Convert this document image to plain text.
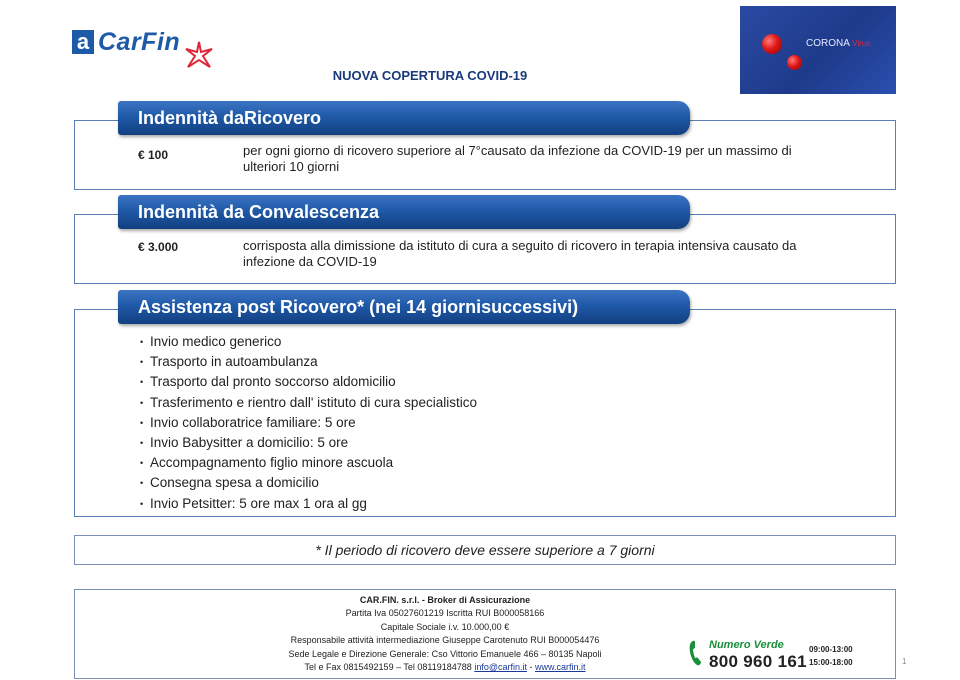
a CarFin
NUOVA COPERTURA COVID-19
CORONA Virus
Indennità daRicovero
€ 100	per ogni giorno di ricovero superiore al 7°causato da infezione da COVID-19 per un massimo di ulteriori 10 giorni
Indennità da Convalescenza
€ 3.000	corrisposta alla dimissione da istituto di cura a seguito di ricovero in terapia intensiva causato da infezione da COVID-19
Assistenza post Ricovero* (nei 14 giornisuccessivi)
• Invio medico generico
• Trasporto in autoambulanza
• Trasporto dal pronto soccorso aldomicilio
• Trasferimento e rientro dall' istituto di cura specialistico
• Invio collaboratrice familiare: 5 ore
• Invio Babysitter a domicilio: 5 ore
• Accompagnamento figlio minore ascuola
• Consegna spesa a domicilio
• Invio Petsitter: 5 ore max 1 ora al gg
* Il periodo di ricovero deve essere superiore a 7 giorni
CAR.FIN. s.r.l. - Broker di Assicurazione
Partita Iva 05027601219 Iscritta RUI B000058166
Capitale Sociale i.v. 10.000,00 €
Responsabile attività intermediazione Giuseppe Carotenuto RUI B000054476
Sede Legale e Direzione Generale: Cso Vittorio Emanuele 466 – 80135 Napoli
Tel e Fax 0815492159 – Tel 08119184788 info@carfin.it - www.carfin.it
Numero Verde
800 960 161
09:00-13:00
15:00-18:00	1
